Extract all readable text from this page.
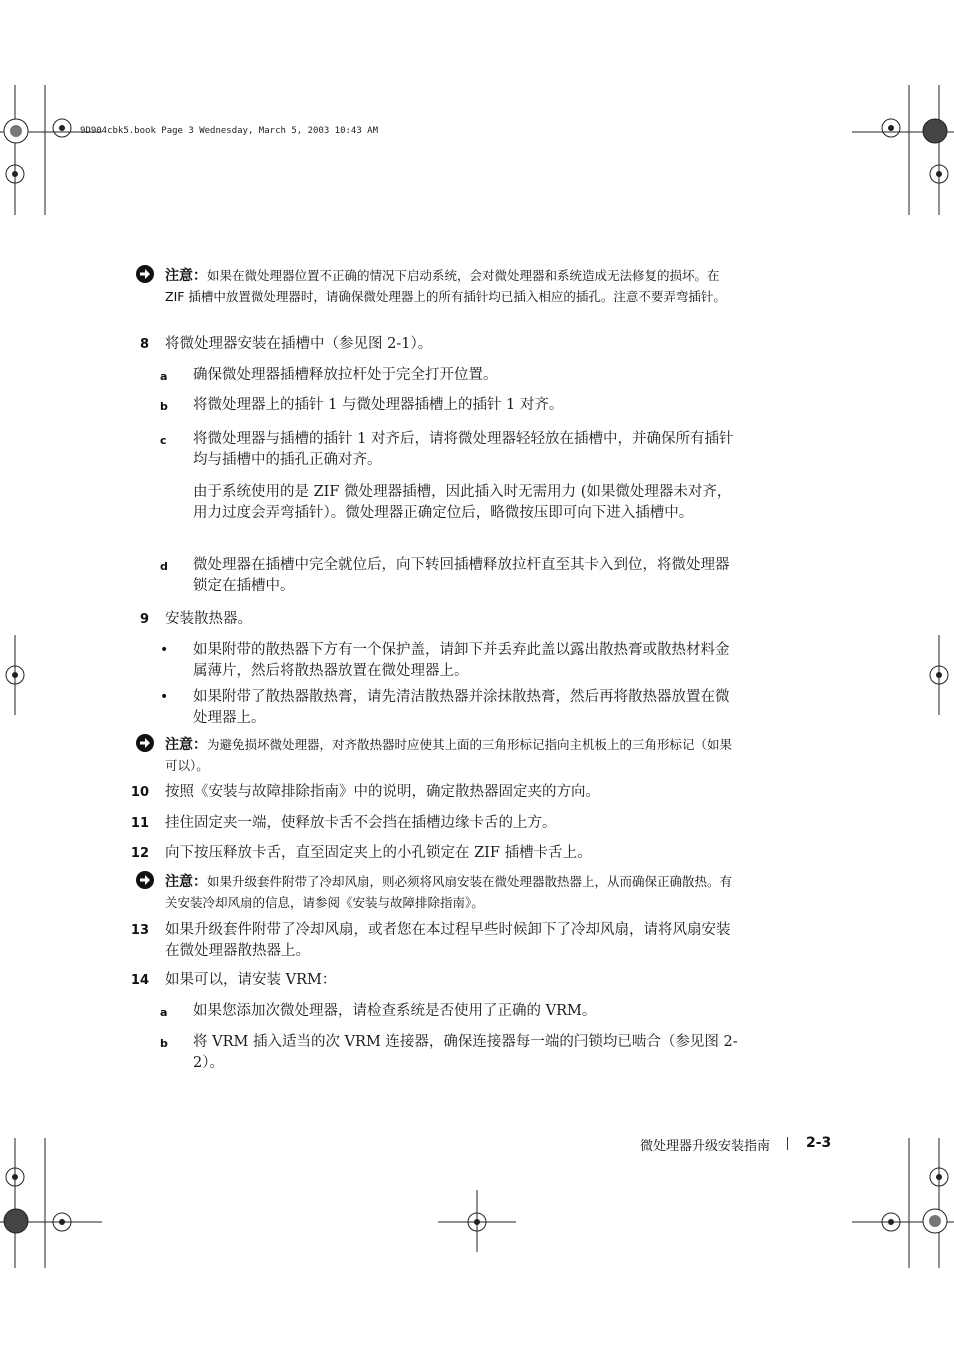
9D904cbk5.book Page 3 Wednesday, March 5, 2003 10:43 AM
注意：如果在微处理器位置不正确的情况下启动系统，会对微处理器和系统造成无法修复的损坏。在 ZIF 插槽中放置微处理器时，请确保微处理器上的所有插针均已插入相应的插孔。注意不要弄弯插针。
8 将微处理器安装在插槽中（参见图 2-1）。
a	确保微处理器插槽释放拉杆处于完全打开位置。
b	将微处理器上的插针 1 与微处理器插槽上的插针 1 对齐。
c	将微处理器与插槽的插针 1 对齐后，请将微处理器轻轻放在插槽中，并确保所有插针均与插槽中的插孔正确对齐。
由于系统使用的是 ZIF 微处理器插槽，因此插入时无需用力 (如果微处理器未对齐，用力过度会弄弯插针）。微处理器正确定位后，略微按压即可向下进入插槽中。
d	微处理器在插槽中完全就位后，向下转回插槽释放拉杆直至其卡入到位，将微处理器锁定在插槽中。
9 安装散热器。
•	如果附带的散热器下方有一个保护盖，请卸下并丢弃此盖以露出散热膏或散热材料金属薄片，然后将散热器放置在微处理器上。
•	如果附带了散热器散热膏，请先清洁散热器并涂抹散热膏，然后再将散热器放置在微处理器上。
注意：为避免损坏微处理器，对齐散热器时应使其上面的三角形标记指向主机板上的三角形标记（如果可以）。
10 按照《安装与故障排除指南》中的说明，确定散热器固定夹的方向。
11 挂住固定夹一端，使释放卡舌不会挡在插槽边缘卡舌的上方。
12 向下按压释放卡舌，直至固定夹上的小孔锁定在 ZIF 插槽卡舌上。
注意：如果升级套件附带了冷却风扇，则必须将风扇安装在微处理器散热器上，从而确保正确散热。有关安装冷却风扇的信息，请参阅《安装与故障排除指南》。
13 如果升级套件附带了冷却风扇，或者您在本过程早些时候卸下了冷却风扇，请将风扇安装在微处理器散热器上。
14 如果可以，请安装 VRM：
a	如果您添加次微处理器，请检查系统是否使用了正确的 VRM。
b	将 VRM 插入适当的次 VRM 连接器，确保连接器每一端的闩锁均已啮合（参见图 2-2）。
微处理器升级安装指南	2-3
